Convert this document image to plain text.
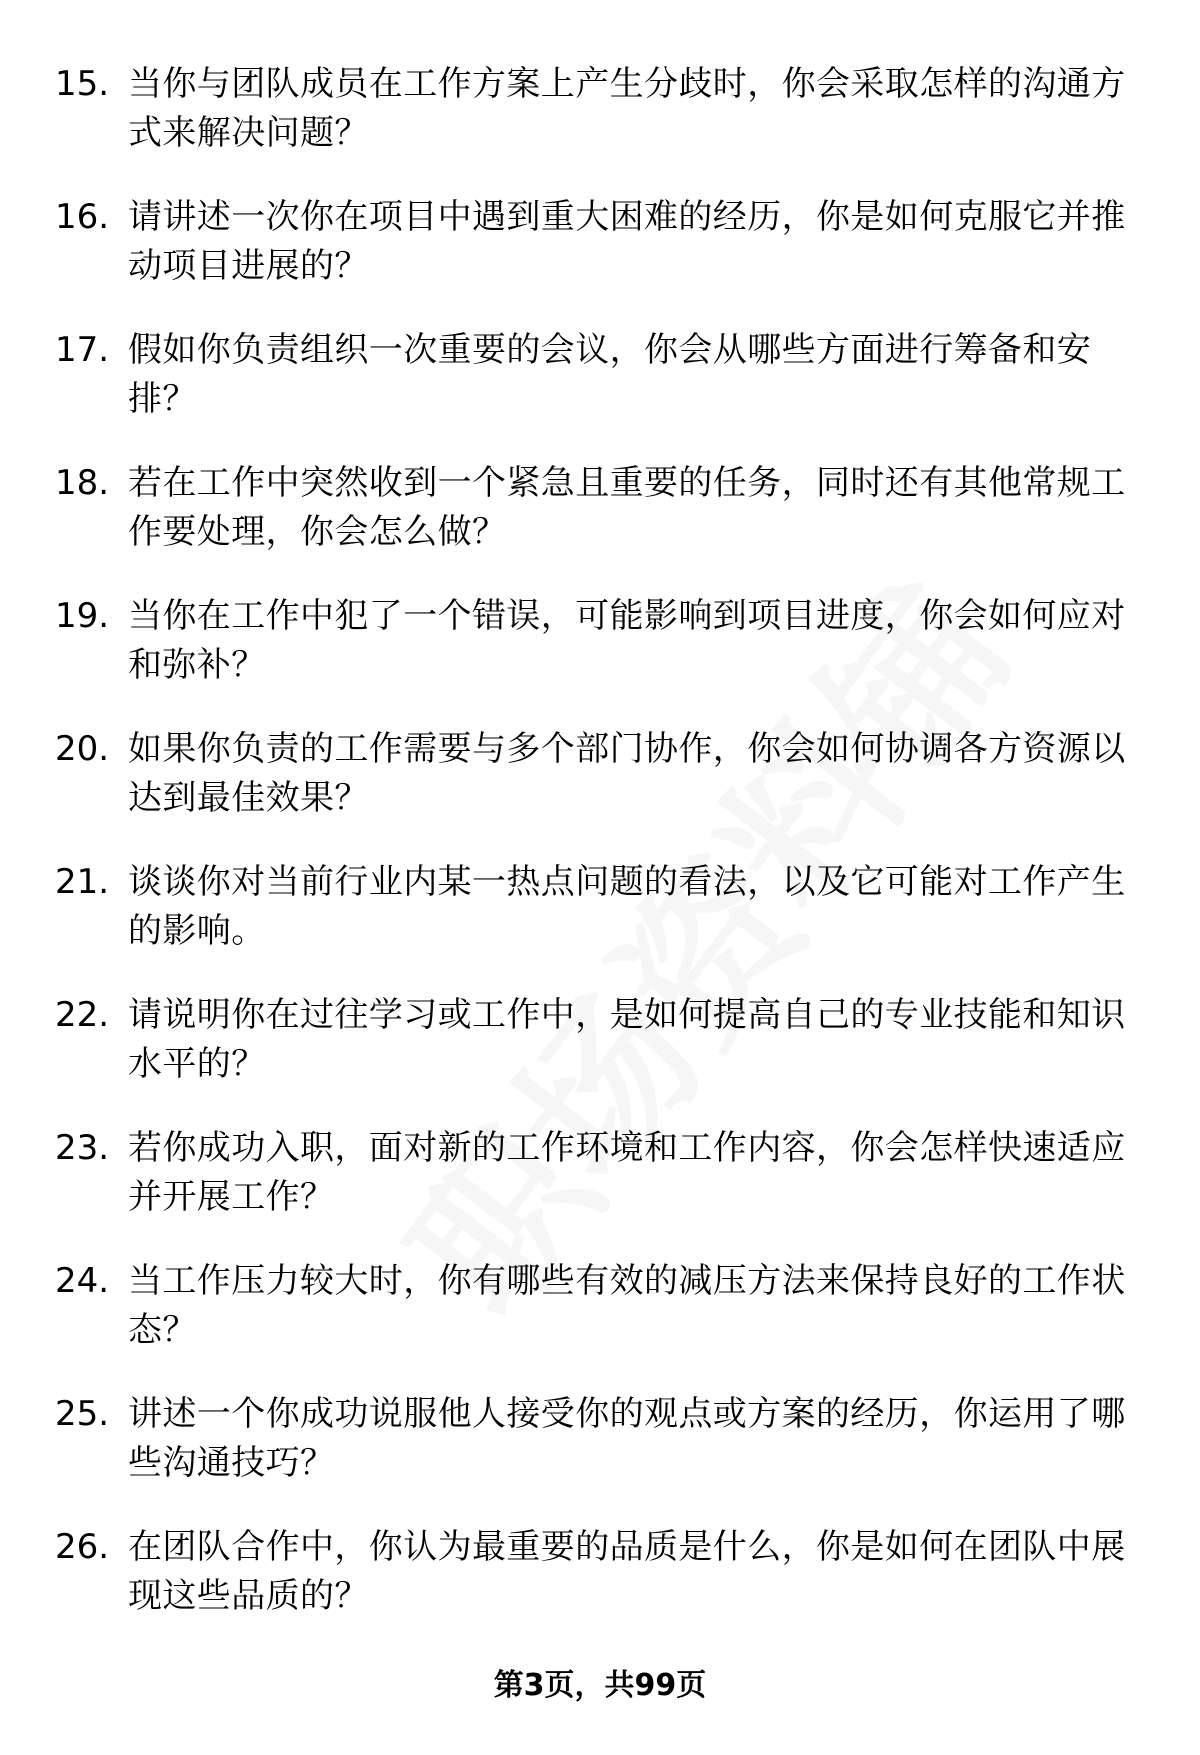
15. 当你与团队成员在工作方案上产生分歧时，你会采取怎样的沟通方式来解决问题？
16. 请讲述一次你在项目中遇到重大困难的经历，你是如何克服它并推动项目进展的？
17. 假如你负责组织一次重要的会议，你会从哪些方面进行筹备和安排？
18. 若在工作中突然收到一个紧急且重要的任务，同时还有其他常规工作要处理，你会怎么做？
19. 当你在工作中犯了一个错误，可能影响到项目进度，你会如何应对和弥补？
20. 如果你负责的工作需要与多个部门协作，你会如何协调各方资源以达到最佳效果？
21. 谈谈你对当前行业内某一热点问题的看法，以及它可能对工作产生的影响。
22. 请说明你在过往学习或工作中，是如何提高自己的专业技能和知识水平的？
23. 若你成功入职，面对新的工作环境和工作内容，你会怎样快速适应并开展工作？
24. 当工作压力较大时，你有哪些有效的减压方法来保持良好的工作状态？
25. 讲述一个你成功说服他人接受你的观点或方案的经历，你运用了哪些沟通技巧？
26. 在团队合作中，你认为最重要的品质是什么，你是如何在团队中展现这些品质的？
第3页，共99页
